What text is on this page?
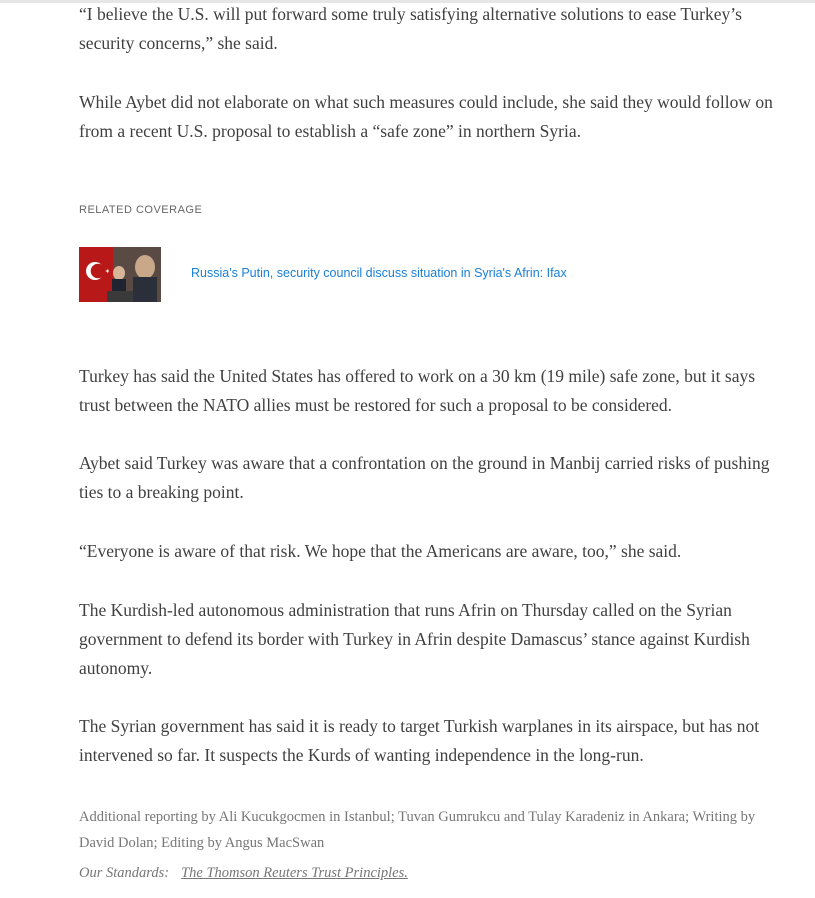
“I believe the U.S. will put forward some truly satisfying alternative solutions to ease Turkey’s security concerns,” she said.

While Aybet did not elaborate on what such measures could include, she said they would follow on from a recent U.S. proposal to establish a “safe zone” in northern Syria.

RELATED COVERAGE
Russia's Putin, security council discuss situation in Syria's Afrin: Ifax

Turkey has said the United States has offered to work on a 30 km (19 mile) safe zone, but it says trust between the NATO allies must be restored for such a proposal to be considered.

Aybet said Turkey was aware that a confrontation on the ground in Manbij carried risks of pushing ties to a breaking point.

“Everyone is aware of that risk. We hope that the Americans are aware, too,” she said.

The Kurdish-led autonomous administration that runs Afrin on Thursday called on the Syrian government to defend its border with Turkey in Afrin despite Damascus’ stance against Kurdish autonomy.

The Syrian government has said it is ready to target Turkish warplanes in its airspace, but has not intervened so far. It suspects the Kurds of wanting independence in the long-run.

Additional reporting by Ali Kucukgocmen in Istanbul; Tuvan Gumrukcu and Tulay Karadeniz in Ankara; Writing by David Dolan; Editing by Angus MacSwan
Our Standards: The Thomson Reuters Trust Principles.
